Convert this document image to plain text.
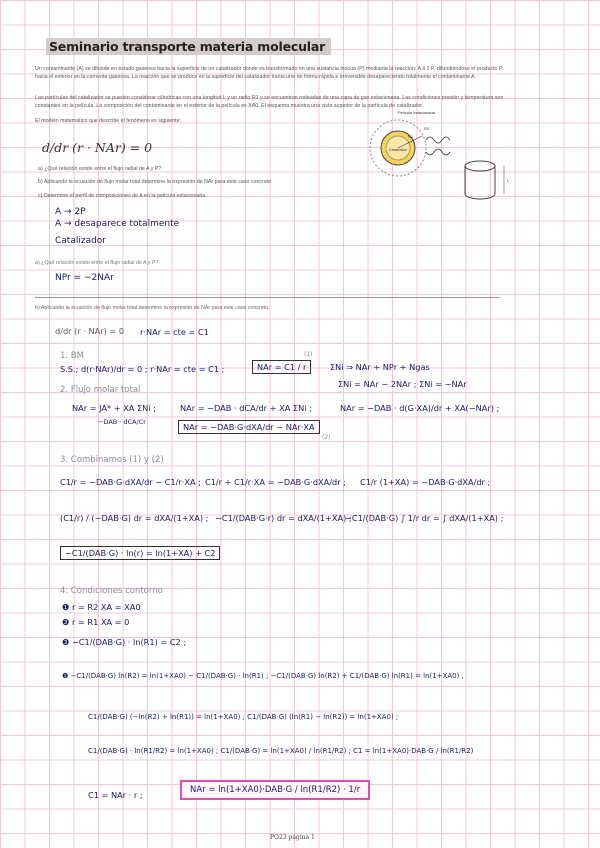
Seminario transporte materia molecular
Un contaminante (A) se difunde en estado gaseoso hacia la superficie de un catalizador donde es transformado en una sustancia inocua (P) mediante la reacción: A à 2 P, difundiéndose el producto P hacia el exterior en la corriente gaseosa. La reacción que se produce en la superficie del catalizador transcurre de forma rápida e irreversible desapareciendo totalmente el contaminante A.
Las partículas del catalizador se pueden considerar cilíndricas con una longitud L y un radio R1 y se encuentran rodeadas de una capa de gas estacionaria. Las condiciones presión y temperatura son constantes en la película. La composición del contaminante en el exterior de la película es XA0. El esquema muestra una vista superior de la partícula de catalizador.
El modelo matemático que describe el fenómeno es siguiente:
d/dr (r · NAr) = 0
Película estacionaria
Catalizador
R1
R2
L
a) ¿Qué relación existe entre el flujo radial de A y P?
b) Aplicando la ecuación de flujo molar total determine la expresión de NAr para este caso concreto.
c) Determine el perfil de composiciones de A en la película estacionaria.
A → 2P
A → desaparece totalmente
Catalizador
a) ¿Qué relación existe entre el flujo radial de A y P?
NPr = −2NAr
b) Aplicando la ecuación de flujo molar total determine la expresión de NAr para este caso concreto.
d/dr (r · NAr) = 0 r·NAr = cte = C1
1. BM
S.S.; d(r·NAr)/dr = 0 ; r·NAr = cte = C1 ;	NAr = C1 / r
(1)
ΣNi ⇒ NAr + NPr + Ngas
ΣNi = NAr − 2NAr ; ΣNi = −NAr
2. Flujo molar total
NAr = JA* + XA ΣNi ;	NAr = −DAB · dCA/dr + XA ΣNi ;	NAr = −DAB · d(G·XA)/dr + XA(−NAr) ;
−DAB · dCA/Cr	NAr = −DAB·G·dXA/dr − NAr·XA
(2)
3. Combinamos (1) y (2)
C1/r = −DAB·G·dXA/dr − C1/r·XA ; C1/r + C1/r·XA = −DAB·G·dXA/dr ; C1/r (1+XA) = −DAB·G·dXA/dr ;
(C1/r) / (−DAB·G) dr = dXA/(1+XA) ; −C1/(DAB·G·r) dr = dXA/(1+XA) ;
−C1/(DAB·G) ∫ 1/r dr = ∫ dXA/(1+XA) ;
−C1/(DAB·G) · ln(r) = ln(1+XA) + C2
4. Condiciones contorno
❶ r = R2 XA = XA0
❷ r = R1 XA = 0
❷ −C1/(DAB·G) · ln(R1) = C2 ;
❶ −C1/(DAB·G) ln(R2) = ln(1+XA0) − C1/(DAB·G) · ln(R1) ; −C1/(DAB·G) ln(R2) + C1/(DAB·G) ln(R1) = ln(1+XA0) ,
C1/(DAB·G) (−ln(R2) + ln(R1)) = ln(1+XA0) ; C1/(DAB·G) (ln(R1) − ln(R2)) = ln(1+XA0) ;
C1/(DAB·G) · ln(R1/R2) = ln(1+XA0) ; C1/(DAB·G) = ln(1+XA0) / ln(R1/R2) ; C1 = ln(1+XA0)·DAB·G / ln(R1/R2)
C1 = NAr · r ;	NAr = ln(1+XA0)·DAB·G / ln(R1/R2) · 1/r
PO23 página 1
